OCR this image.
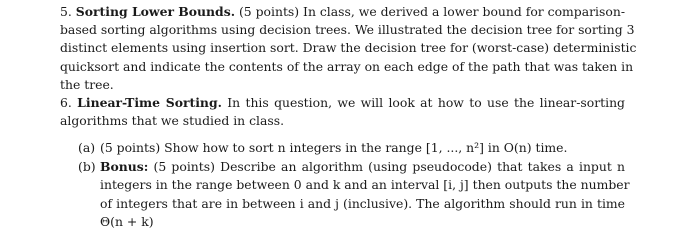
5. Sorting Lower Bounds. (5 points) In class, we derived a lower bound for comparison-
based sorting algorithms using decision trees. We illustrated the decision tree for sorting 3
distinct elements using insertion sort. Draw the decision tree for (worst-case) deterministic
quicksort and indicate the contents of the array on each edge of the path that was taken in
the tree.
6. Linear-Time Sorting. In this question, we will look at how to use the linear-sorting
algorithms that we studied in class.
(a) (5 points) Show how to sort n integers in the range [1, ..., n²] in O(n) time.
(b) Bonus: (5 points) Describe an algorithm (using pseudocode) that takes a input n
integers in the range between 0 and k and an interval [i, j] then outputs the number
of integers that are in between i and j (inclusive). The algorithm should run in time
Θ(n + k)
